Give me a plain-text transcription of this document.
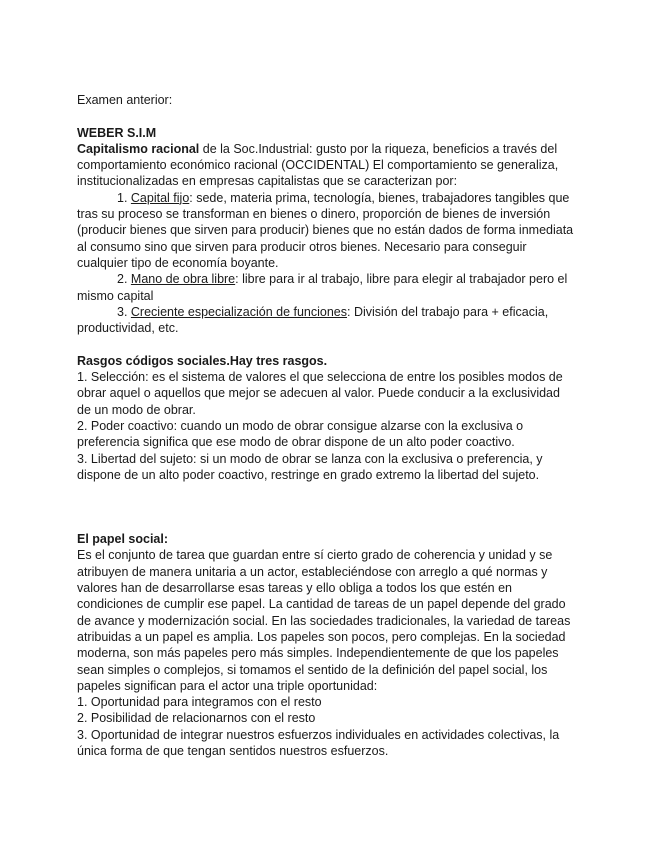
Examen anterior:

WEBER S.I.M

Capitalismo racional de la Soc.Industrial: gusto por la riqueza, beneficios a través del comportamiento económico racional (OCCIDENTAL) El comportamiento se generaliza, institucionalizadas en empresas capitalistas que se caracterizan por:

1. Capital fijo: sede, materia prima, tecnología, bienes, trabajadores tangibles que tras su proceso se transforman en bienes o dinero, proporción de bienes de inversión (producir bienes que sirven para producir) bienes que no están dados de forma inmediata al consumo sino que sirven para producir otros bienes. Necesario para conseguir cualquier tipo de economía boyante.

2. Mano de obra libre: libre para ir al trabajo, libre para elegir al trabajador pero el mismo capital

3. Creciente especialización de funciones: División del trabajo para + eficacia, productividad, etc.

Rasgos códigos sociales.Hay tres rasgos.

1. Selección: es el sistema de valores el que selecciona de entre los posibles modos de obrar aquel o aquellos que mejor se adecuen al valor. Puede conducir a la exclusividad de un modo de obrar.

2. Poder coactivo: cuando un modo de obrar consigue alzarse con la exclusiva o preferencia significa que ese modo de obrar dispone de un alto poder coactivo.

3. Libertad del sujeto: si un modo de obrar se lanza con la exclusiva o preferencia, y dispone de un alto poder coactivo, restringe en grado extremo la libertad del sujeto.

El papel social:

Es el conjunto de tarea que guardan entre sí cierto grado de coherencia y unidad y se atribuyen de manera unitaria a un actor, estableciéndose con arreglo a qué normas y valores han de desarrollarse esas tareas y ello obliga a todos los que estén en condiciones de cumplir ese papel. La cantidad de tareas de un papel depende del grado de avance y modernización social. En las sociedades tradicionales, la variedad de tareas atribuidas a un papel es amplia. Los papeles son pocos, pero complejas. En la sociedad moderna, son más papeles pero más simples. Independientemente de que los papeles sean simples o complejos, si tomamos el sentido de la definición del papel social, los papeles significan para el actor una triple oportunidad:

1. Oportunidad para integramos con el resto

2. Posibilidad de relacionarnos con el resto

3. Oportunidad de integrar nuestros esfuerzos individuales en actividades colectivas, la única forma de que tengan sentidos nuestros esfuerzos.
